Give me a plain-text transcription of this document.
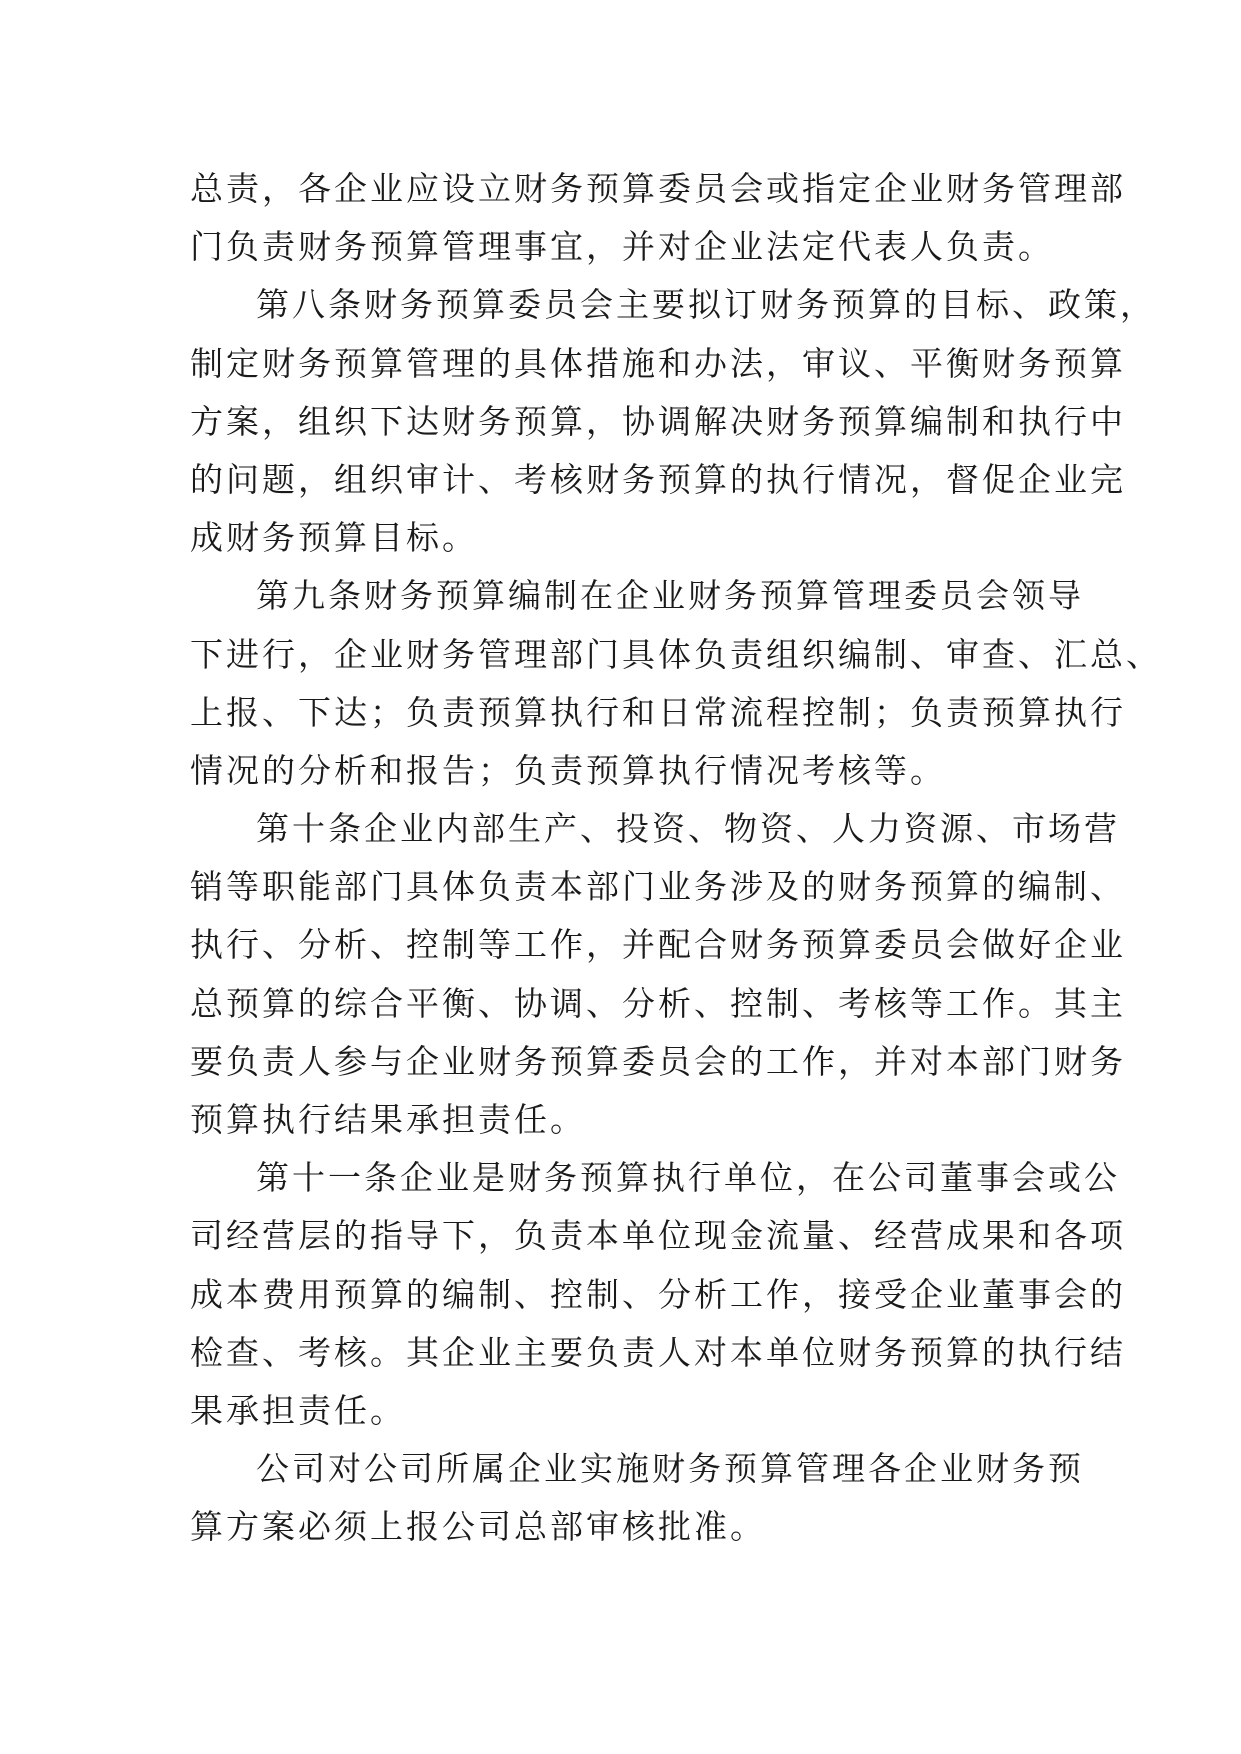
总责，各企业应设立财务预算委员会或指定企业财务管理部
门负责财务预算管理事宜，并对企业法定代表人负责。
第八条财务预算委员会主要拟订财务预算的目标、政策，
制定财务预算管理的具体措施和办法，审议、平衡财务预算
方案，组织下达财务预算，协调解决财务预算编制和执行中
的问题，组织审计、考核财务预算的执行情况，督促企业完
成财务预算目标。
第九条财务预算编制在企业财务预算管理委员会领导
下进行，企业财务管理部门具体负责组织编制、审查、汇总、
上报、下达；负责预算执行和日常流程控制；负责预算执行
情况的分析和报告；负责预算执行情况考核等。
第十条企业内部生产、投资、物资、人力资源、市场营
销等职能部门具体负责本部门业务涉及的财务预算的编制、
执行、分析、控制等工作，并配合财务预算委员会做好企业
总预算的综合平衡、协调、分析、控制、考核等工作。其主
要负责人参与企业财务预算委员会的工作，并对本部门财务
预算执行结果承担责任。
第十一条企业是财务预算执行单位，在公司董事会或公
司经营层的指导下，负责本单位现金流量、经营成果和各项
成本费用预算的编制、控制、分析工作，接受企业董事会的
检查、考核。其企业主要负责人对本单位财务预算的执行结
果承担责任。
公司对公司所属企业实施财务预算管理各企业财务预
算方案必须上报公司总部审核批准。
